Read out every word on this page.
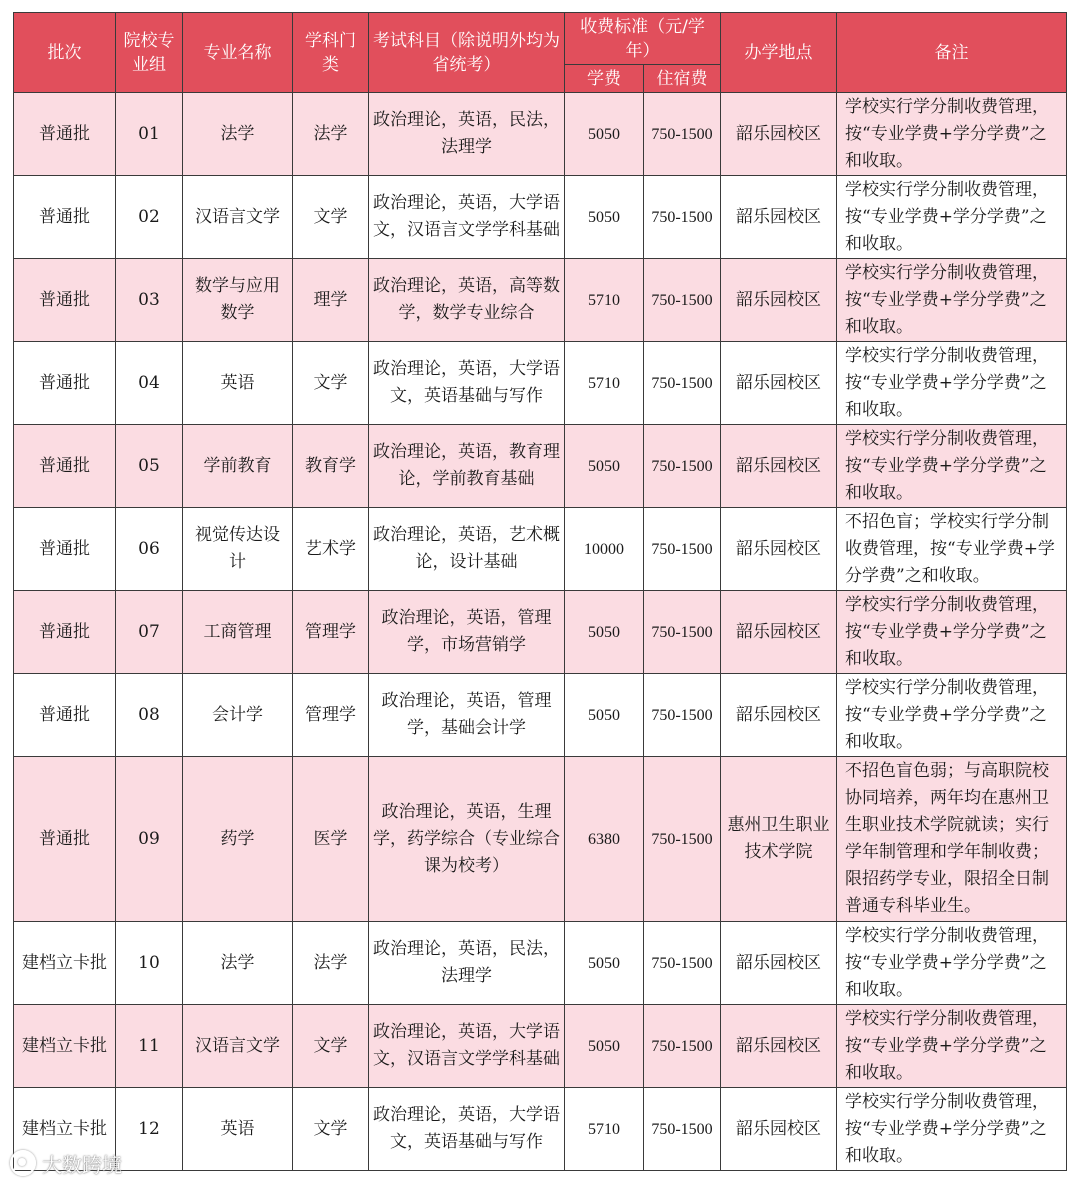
批次	院校专业组	专业名称	学科门类	考试科目（除说明外均为省统考）	收费标准（元/学年）		办学地点	备注
					学费	住宿费		
普通批	01	法学	法学	政治理论，英语，民法，法理学	5050	750-1500	韶乐园校区	学校实行学分制收费管理，按“专业学费+学分学费”之和收取。
普通批	02	汉语言文学	文学	政治理论，英语，大学语文，汉语言文学学科基础	5050	750-1500	韶乐园校区	学校实行学分制收费管理，按“专业学费+学分学费”之和收取。
普通批	03	数学与应用数学	理学	政治理论，英语，高等数学，数学专业综合	5710	750-1500	韶乐园校区	学校实行学分制收费管理，按“专业学费+学分学费”之和收取。
普通批	04	英语	文学	政治理论，英语，大学语文，英语基础与写作	5710	750-1500	韶乐园校区	学校实行学分制收费管理，按“专业学费+学分学费”之和收取。
普通批	05	学前教育	教育学	政治理论，英语，教育理论，学前教育基础	5050	750-1500	韶乐园校区	学校实行学分制收费管理，按“专业学费+学分学费”之和收取。
普通批	06	视觉传达设计	艺术学	政治理论，英语，艺术概论，设计基础	10000	750-1500	韶乐园校区	不招色盲；学校实行学分制收费管理，按“专业学费+学分学费”之和收取。
普通批	07	工商管理	管理学	政治理论，英语，管理学，市场营销学	5050	750-1500	韶乐园校区	学校实行学分制收费管理，按“专业学费+学分学费”之和收取。
普通批	08	会计学	管理学	政治理论，英语，管理学，基础会计学	5050	750-1500	韶乐园校区	学校实行学分制收费管理，按“专业学费+学分学费”之和收取。
普通批	09	药学	医学	政治理论，英语，生理学，药学综合（专业综合课为校考）	6380	750-1500	惠州卫生职业技术学院	不招色盲色弱；与高职院校协同培养，两年均在惠州卫生职业技术学院就读；实行学年制管理和学年制收费；限招药学专业，限招全日制普通专科毕业生。
建档立卡批	10	法学	法学	政治理论，英语，民法，法理学	5050	750-1500	韶乐园校区	学校实行学分制收费管理，按“专业学费+学分学费”之和收取。
建档立卡批	11	汉语言文学	文学	政治理论，英语，大学语文，汉语言文学学科基础	5050	750-1500	韶乐园校区	学校实行学分制收费管理，按“专业学费+学分学费”之和收取。
建档立卡批	12	英语	文学	政治理论，英语，大学语文，英语基础与写作	5710	750-1500	韶乐园校区	学校实行学分制收费管理，按“专业学费+学分学费”之和收取。
大数跨境
